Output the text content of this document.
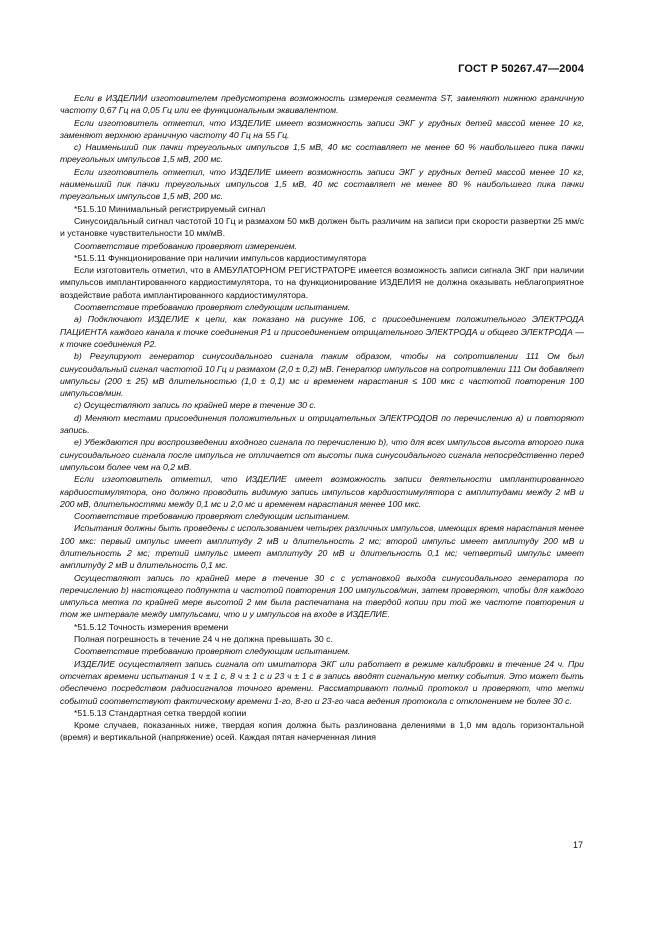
ГОСТ Р 50267.47—2004

Если в ИЗДЕЛИИ изготовителем предусмотрена возможность измерения сегмента ST, заменяют нижнюю граничную частоту 0,67 Гц на 0,05 Гц или ее функциональным эквивалентом.

Если изготовитель отметил, что ИЗДЕЛИЕ имеет возможность записи ЭКГ у грудных детей массой менее 10 кг, заменяют верхнюю граничную частоту 40 Гц на 55 Гц.

с) Наименьший пик пачки треугольных импульсов 1,5 мВ, 40 мс составляет не менее 60 % наибольшего пика пачки треугольных импульсов 1,5 мВ, 200 мс.

Если изготовитель отметил, что ИЗДЕЛИЕ имеет возможность записи ЭКГ у грудных детей массой менее 10 кг, наименьший пик пачки треугольных импульсов 1,5 мВ, 40 мс составляет не менее 80 % наибольшего пика пачки треугольных импульсов 1,5 мВ, 200 мс.

*51.5.10 Минимальный регистрируемый сигнал

Синусоидальный сигнал частотой 10 Гц и размахом 50 мкВ должен быть различим на записи при скорости развертки 25 мм/с и установке чувствительности 10 мм/мВ.

Соответствие требованию проверяют измерением.

*51.5.11 Функционирование при наличии импульсов кардиостимулятора

Если изготовитель отметил, что в АМБУЛАТОРНОМ РЕГИСТРАТОРЕ имеется возможность записи сигнала ЭКГ при наличии импульсов имплантированного кардиостимулятора, то на функционирование ИЗДЕЛИЯ не должна оказывать неблагоприятное воздействие работа имплантированного кардиостимулятора.

Соответствие требованию проверяют следующим испытанием.

а) Подключают ИЗДЕЛИЕ к цепи, как показано на рисунке 106, с присоединением положительного ЭЛЕКТРОДА ПАЦИЕНТА каждого канала к точке соединения Р1 и присоединением отрицательного ЭЛЕКТРОДА и общего ЭЛЕКТРОДА — к точке соединения Р2.

b) Регулируют генератор синусоидального сигнала таким образом, чтобы на сопротивлении 111 Ом был синусоидальный сигнал частотой 10 Гц и размахом (2,0 ± 0,2) мВ. Генератор импульсов на сопротивлении 111 Ом добавляет импульсы (200 ± 25) мВ длительностью (1,0 ± 0,1) мс и временем нарастания ≤ 100 мкс с частотой повторения 100 импульсов/мин.

с) Осуществляют запись по крайней мере в течение 30 с.

d) Меняют местами присоединения положительных и отрицательных ЭЛЕКТРОДОВ по перечислению а) и повторяют запись.

е) Убеждаются при воспроизведении входного сигнала по перечислению b), что для всех импульсов высота второго пика синусоидального сигнала после импульса не отличается от высоты пика синусоидального сигнала непосредственно перед импульсом более чем на 0,2 мВ.

Если изготовитель отметил, что ИЗДЕЛИЕ имеет возможность записи деятельности имплантированного кардиостимулятора, оно должно проводить видимую запись импульсов кардиостимулятора с амплитудами между 2 мВ и 200 мВ, длительностями между 0,1 мс и 2,0 мс и временем нарастания менее 100 мкс.

Соответствие требованию проверяют следующим испытанием.

Испытания должны быть проведены с использованием четырех различных импульсов, имеющих время нарастания менее 100 мкс: первый импульс имеет амплитуду 2 мВ и длительность 2 мс; второй импульс имеет амплитуду 200 мВ и длительность 2 мс; третий импульс имеет амплитуду 20 мВ и длительность 0,1 мс; четвертый импульс имеет амплитуду 2 мВ и длительность 0,1 мс.

Осуществляют запись по крайней мере в течение 30 с с установкой выхода синусоидального генератора по перечислению b) настоящего подпункта и частотой повторения 100 импульсов/мин, затем проверяют, чтобы для каждого импульса метка по крайней мере высотой 2 мм была распечатана на твердой копии при той же частоте повторения и том же интервале между импульсами, что и у импульсов на входе в ИЗДЕЛИЕ.

*51.5.12 Точность измерения времени

Полная погрешность в течение 24 ч не должна превышать 30 с.

Соответствие требованию проверяют следующим испытанием.

ИЗДЕЛИЕ осуществляет запись сигнала от имитатора ЭКГ или работает в режиме калибровки в течение 24 ч. При отсчетах времени испытания 1 ч ± 1 с, 8 ч ± 1 с и 23 ч ± 1 с в запись вводят сигнальную метку события. Это может быть обеспечено посредством радиосигналов точного времени. Рассматривают полный протокол и проверяют, что метки событий соответствуют фактическому времени 1-го, 8-го и 23-го часа ведения протокола с отклонением не более 30 с.

*51.5.13 Стандартная сетка твердой копии

Кроме случаев, показанных ниже, твердая копия должна быть разлинована делениями в 1,0 мм вдоль горизонтальной (время) и вертикальной (напряжение) осей. Каждая пятая начерченная линия

17
